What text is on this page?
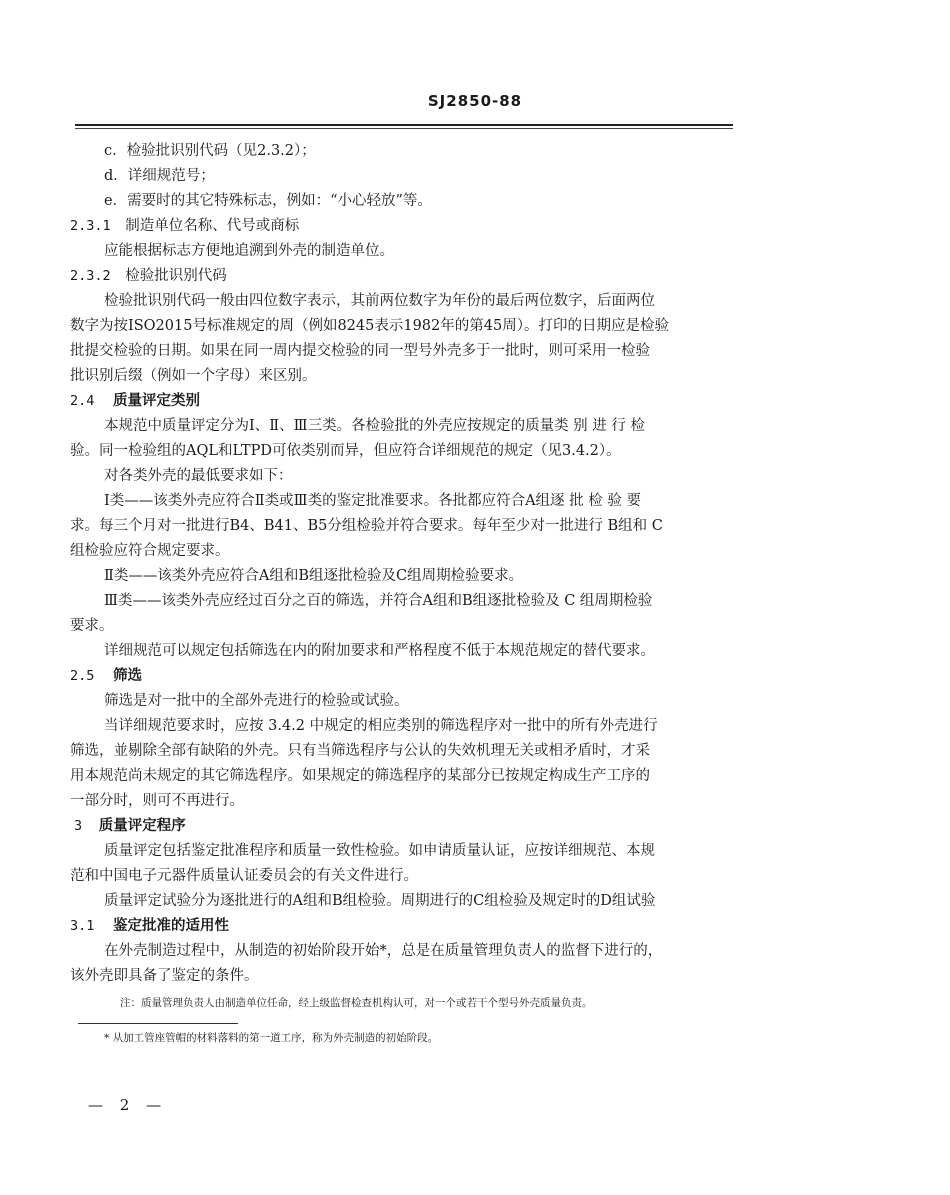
SJ2850-88
c．检验批识别代码（见2.3.2）；
d．详细规范号；
e．需要时的其它特殊标志，例如：“小心轻放”等。
2.3.1 制造单位名称、代号或商标
应能根据标志方便地追溯到外壳的制造单位。
2.3.2 检验批识别代码
检验批识别代码一般由四位数字表示，其前两位数字为年份的最后两位数字，后面两位
数字为按ISO2015号标准规定的周（例如8245表示1982年的第45周）。打印的日期应是检验
批提交检验的日期。如果在同一周内提交检验的同一型号外壳多于一批时，则可采用一检验
批识别后缀（例如一个字母）来区别。
2.4 质量评定类别
本规范中质量评定分为Ⅰ、Ⅱ、Ⅲ三类。各检验批的外壳应按规定的质量类 别 进 行 检
验。同一检验组的AQL和LTPD可依类别而异，但应符合详细规范的规定（见3.4.2）。
对各类外壳的最低要求如下：
Ⅰ类——该类外壳应符合Ⅱ类或Ⅲ类的鉴定批准要求。各批都应符合A组逐 批 检 验 要
求。每三个月对一批进行B4、B41、B5分组检验并符合要求。每年至少对一批进行 B组和 C
组检验应符合规定要求。
Ⅱ类——该类外壳应符合A组和B组逐批检验及C组周期检验要求。
Ⅲ类——该类外壳应经过百分之百的筛选，并符合A组和B组逐批检验及 C 组周期检验
要求。
详细规范可以规定包括筛选在内的附加要求和严格程度不低于本规范规定的替代要求。
2.5 筛选
筛选是对一批中的全部外壳进行的检验或试验。
当详细规范要求时，应按 3.4.2 中规定的相应类别的筛选程序对一批中的所有外壳进行
筛选，並剔除全部有缺陷的外壳。只有当筛选程序与公认的失效机理无关或相矛盾时，才采
用本规范尚未规定的其它筛选程序。如果规定的筛选程序的某部分已按规定构成生产工序的
一部分时，则可不再进行。
3 质量评定程序
质量评定包括鉴定批准程序和质量一致性检验。如申请质量认证，应按详细规范、本规
范和中国电子元器件质量认证委员会的有关文件进行。
质量评定试验分为逐批进行的A组和B组检验。周期进行的C组检验及规定时的D组试验
3.1 鉴定批准的适用性
在外壳制造过程中，从制造的初始阶段开始*，总是在质量管理负责人的监督下进行的，
该外壳即具备了鉴定的条件。
注：质量管理负责人由制造单位任命，经上级监督检查机构认可，对一个或若干个型号外壳质量负责。
* 从加工管座管帽的材料落料的第一道工序，称为外壳制造的初始阶段。
— 2 —
